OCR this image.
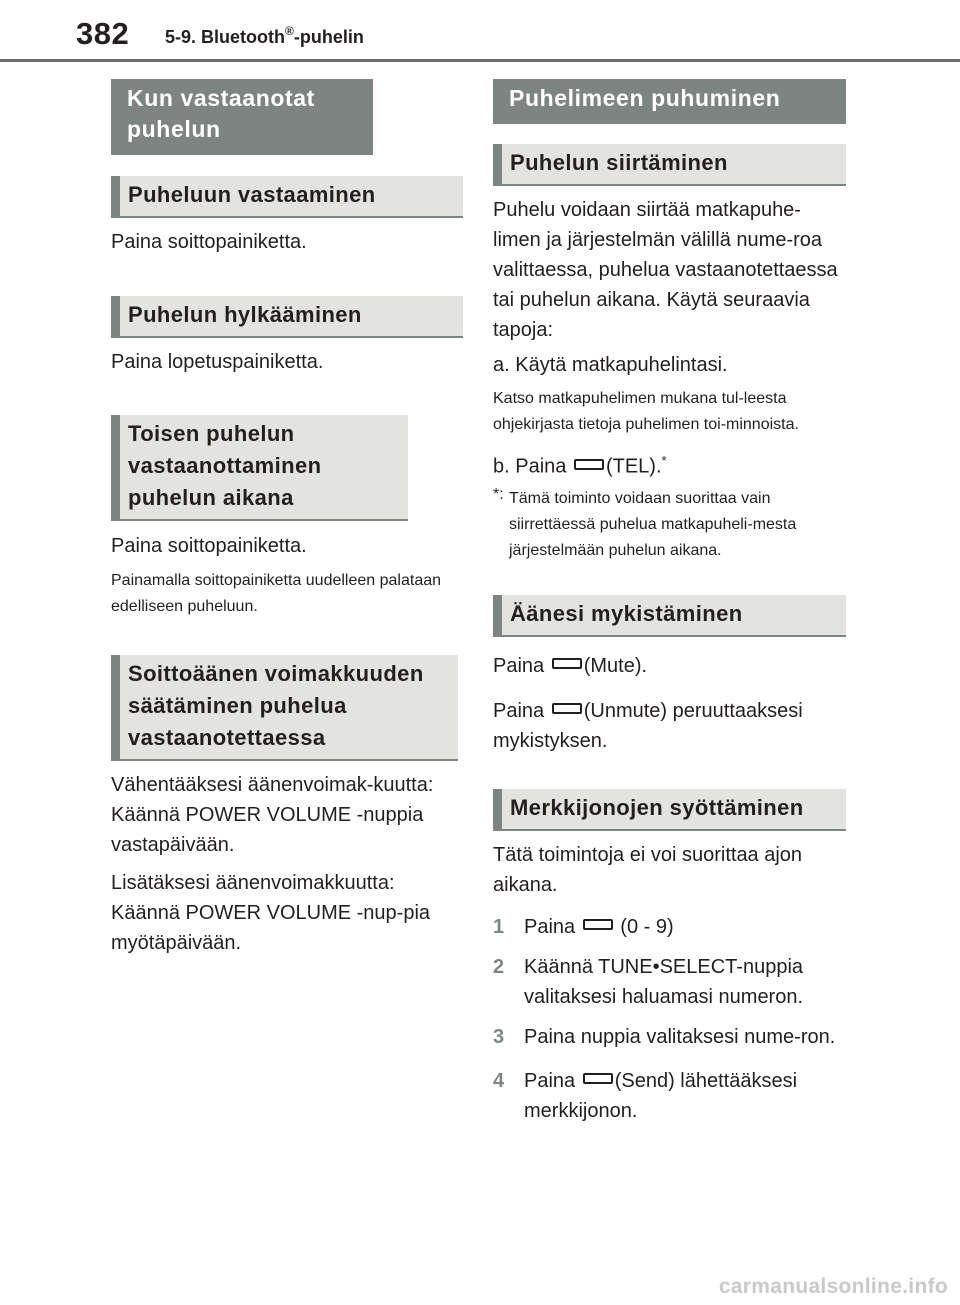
382 5-9. Bluetooth®-puhelin
Kun vastaanotat puhelun
Puheluun vastaaminen

Paina soittopainiketta.

Puhelun hylkääminen

Paina lopetuspainiketta.

Toisen puhelun vastaanottaminen puhelun aikana

Paina soittopainiketta.

Painamalla soittopainiketta uudelleen palataan edelliseen puheluun.

Soittoäänen voimakkuuden säätäminen puhelua vastaanotettaessa

Vähentääksesi äänenvoimak-kuutta: Käännä POWER VOLUME -nuppia vastapäivään.

Lisätäksesi äänenvoimakkuutta: Käännä POWER VOLUME -nup-pia myötäpäivään.

Puhelimeen puhuminen
Puhelun siirtäminen

Puhelu voidaan siirtää matkapuhe-limen ja järjestelmän välillä nume-roa valittaessa, puhelua vastaanotettaessa tai puhelun aikana. Käytä seuraavia tapoja:

a. Käytä matkapuhelintasi.

Katso matkapuhelimen mukana tul-leesta ohjekirjasta tietoja puhelimen toi-minnoista.

b. Paina (TEL).*

*: Tämä toiminto voidaan suorittaa vain siirrettäessä puhelua matkapuheli-mesta järjestelmään puhelun aikana.
Äänesi mykistäminen

Paina (Mute).

Paina (Unmute) peruuttaaksesi mykistyksen.

Merkkijonojen syöttäminen

Tätä toimintoja ei voi suorittaa ajon aikana.

1 Paina (0 - 9)
2 Käännä TUNE•SELECT-nuppia valitaksesi haluamasi numeron.
3 Paina nuppia valitaksesi nume-ron.
4 Paina (Send) lähettääksesi merkkijonon.
carmanualsonline.info
